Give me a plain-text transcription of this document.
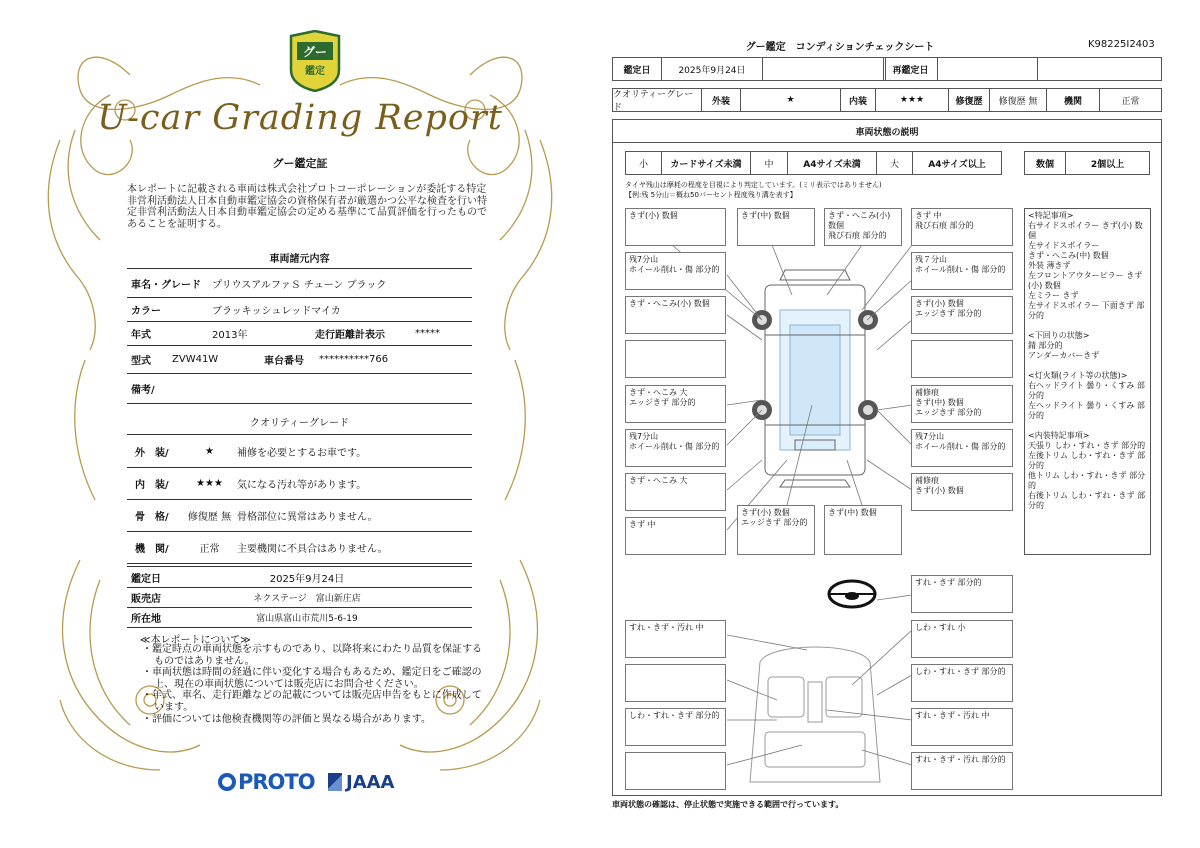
グー
鑑定
U-car Grading Report
グー鑑定証
本レポートに記載される車両は株式会社プロトコーポレーションが委託する特定非営利活動法人日本自動車鑑定協会の資格保有者が厳選かつ公平な検査を行い特定非営利活動法人日本自動車鑑定協会の定める基準にて品質評価を行ったものであることを証明する。
車両諸元内容
車名・グレード	プリウスアルファＳ チューン ブラック
カラー	ブラッキッシュレッドマイカ
年式	2013年	走行距離計表示	*****
型式	ZVW41W	車台番号	**********766
備考/
クオリティーグレード
外　装/	★	補修を必要とするお車です。
内　装/	★★★	気になる汚れ等があります。
骨　格/	修復歴 無 骨格部位に異常はありません。
機　関/	正常	主要機関に不具合はありません。
鑑定日	2025年9月24日
販売店	ネクステージ　富山新庄店
所在地	富山県富山市荒川5-6-19
≪本レポートについて≫
・鑑定時点の車両状態を示すものであり、以降将来にわたり品質を保証するものではありません。
・車両状態は時間の経過に伴い変化する場合もあるため、鑑定日をご確認の上、現在の車両状態については販売店にお問合せください。
・年式、車名、走行距離などの記載については販売店申告をもとに作成しています。
・評価については他検査機関等の評価と異なる場合があります。
PROTO	JAAA
グー鑑定　コンディションチェックシート	K98225I2403
鑑定日	2025年9月24日	再鑑定日
クオリティーグレード
外装	★	内装	★★★	修復歴	修復歴 無	機関	正常
車両状態の説明
小	カードサイズ未満	中	A4サイズ未満	大	A4サイズ以上	数個	2個以上
タイヤ残山は摩耗の程度を目視により判定しています。(ミリ表示ではありません)
【例:残 5分山＝概ね50パーセント程度残り溝を表す】
きず(小) 数個	きず(中) 数個	きず・へこみ(小) 数個
飛び石痕 部分的
きず 中
飛び石痕 部分的
残7分山
ホイール削れ・傷 部分的
残７分山
ホイール削れ・傷 部分的
きず・へこみ(小) 数個	きず(小) 数個
エッジきず 部分的
きず・へこみ 大
エッジきず 部分的
補修痕
きず(中) 数個
エッジきず 部分的
残7分山
ホイール削れ・傷 部分的
残7分山
ホイール削れ・傷 部分的
きず・へこみ 大	補修痕
きず(小) 数個
きず 中
きず(小) 数個
エッジきず 部分的
きず(中) 数個
<特記事項>
右サイドスポイラー きず(小) 数個
左サイドスポイラー
きず・へこみ(中) 数個
外装 薄きず
左フロントアウターピラー きず(小) 数個
左ミラー きず
左サイドスポイラー 下面きず 部分的

<下回りの状態>
錆 部分的
アンダーカバーきず

<灯火類(ライト等の状態)>
右ヘッドライト 曇り・くすみ 部分的
左ヘッドライト 曇り・くすみ 部分的

<内装特記事項>
天張り しわ・すれ・きず 部分的
左後トリム しわ・すれ・きず 部分的
他トリム しわ・すれ・きず 部分的
右後トリム しわ・すれ・きず 部分的
すれ・きず 部分的
すれ・きず・汚れ 中	しわ・すれ 小
しわ・すれ・きず 部分的
しわ・すれ・きず 部分的	すれ・きず・汚れ 中
すれ・きず・汚れ 部分的
車両状態の確認は、停止状態で実施できる範囲で行っています。
